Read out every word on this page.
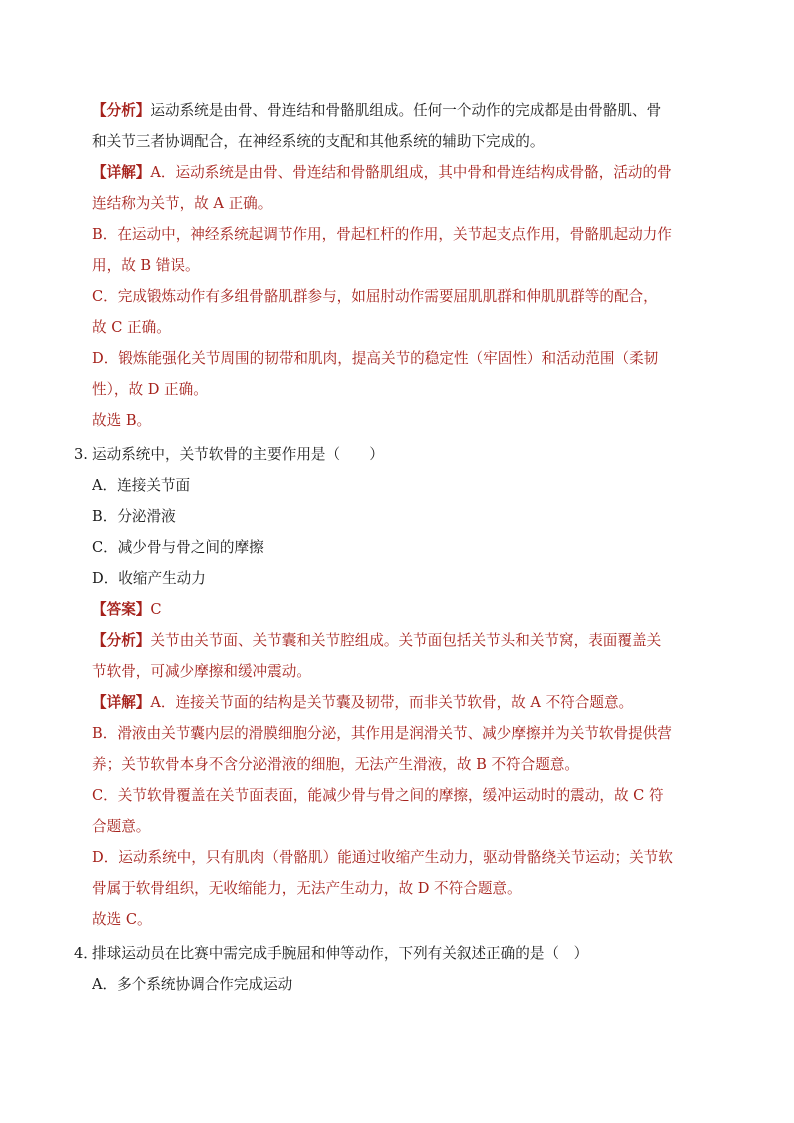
【分析】运动系统是由骨、骨连结和骨骼肌组成。任何一个动作的完成都是由骨骼肌、骨
和关节三者协调配合，在神经系统的支配和其他系统的辅助下完成的。
【详解】A．运动系统是由骨、骨连结和骨骼肌组成，其中骨和骨连结构成骨骼，活动的骨
连结称为关节，故 A 正确。
B．在运动中，神经系统起调节作用，骨起杠杆的作用，关节起支点作用，骨骼肌起动力作
用，故 B 错误。
C．完成锻炼动作有多组骨骼肌群参与，如屈肘动作需要屈肌肌群和伸肌肌群等的配合，
故 C 正确。
D．锻炼能强化关节周围的韧带和肌肉，提高关节的稳定性（牢固性）和活动范围（柔韧
性），故 D 正确。
故选 B。
3. 运动系统中，关节软骨的主要作用是（　　）
A．连接关节面
B．分泌滑液
C．减少骨与骨之间的摩擦
D．收缩产生动力
【答案】C
【分析】关节由关节面、关节囊和关节腔组成。关节面包括关节头和关节窝，表面覆盖关
节软骨，可减少摩擦和缓冲震动。
【详解】A．连接关节面的结构是关节囊及韧带，而非关节软骨，故 A 不符合题意。
B．滑液由关节囊内层的滑膜细胞分泌，其作用是润滑关节、减少摩擦并为关节软骨提供营
养；关节软骨本身不含分泌滑液的细胞，无法产生滑液，故 B 不符合题意。
C．关节软骨覆盖在关节面表面，能减少骨与骨之间的摩擦，缓冲运动时的震动，故 C 符
合题意。
D．运动系统中，只有肌肉（骨骼肌）能通过收缩产生动力，驱动骨骼绕关节运动；关节软
骨属于软骨组织，无收缩能力，无法产生动力，故 D 不符合题意。
故选 C。
4．
排球运动员在比赛中需完成手腕屈和伸等动作，下列有关叙述正确的是（　）
A．多个系统协调合作完成运动
